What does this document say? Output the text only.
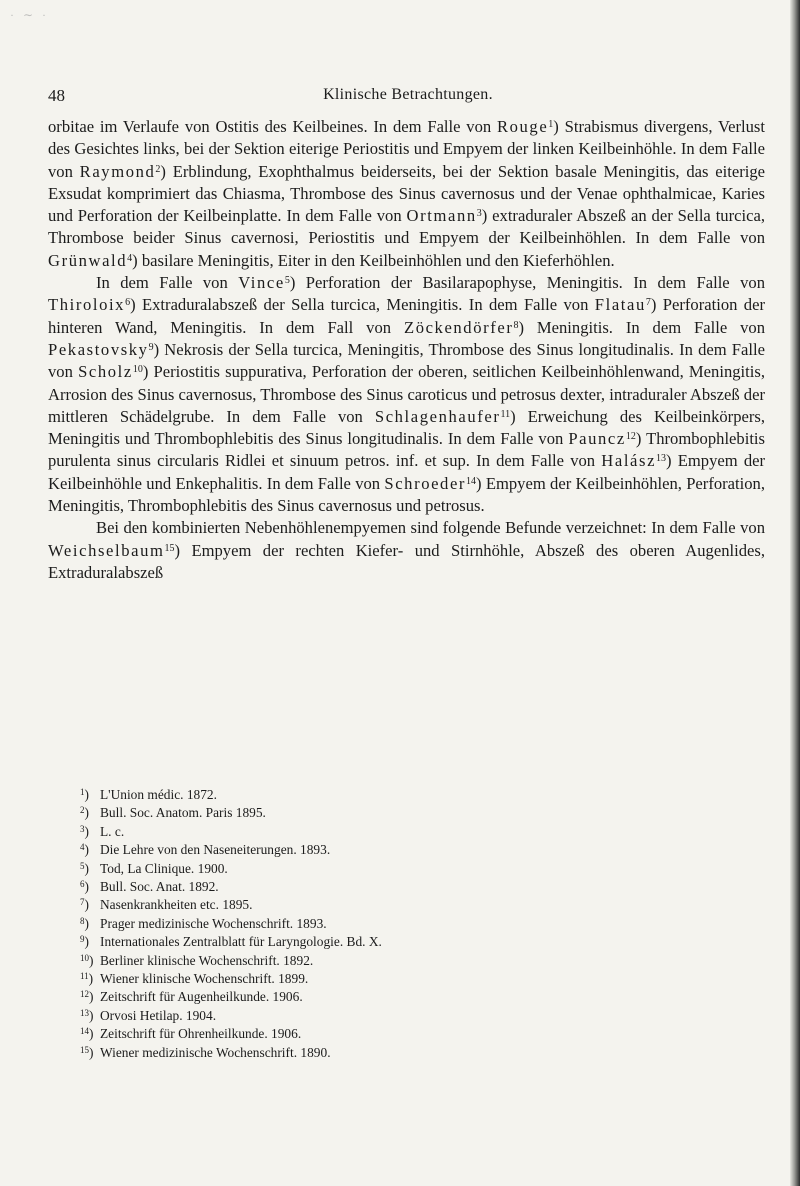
· ∼ ·
48	Klinische Betrachtungen.

orbitae im Verlaufe von Ostitis des Keilbeines. In dem Falle von Rouge$^1$) Strabismus divergens, Verlust des Gesichtes links, bei der Sektion eiterige Periostitis und Empyem der linken Keilbeinhöhle. In dem Falle von Raymond$^2$) Erblindung, Exophthalmus beiderseits, bei der Sektion basale Meningitis, das eiterige Exsudat komprimiert das Chiasma, Thrombose des Sinus cavernosus und der Venae ophthalmicae, Karies und Perforation der Keilbeinplatte. In dem Falle von Ortmann$^3$) extraduraler Abszeß an der Sella turcica, Thrombose beider Sinus cavernosi, Periostitis und Empyem der Keilbeinhöhlen. In dem Falle von Grünwald$^4$) basilare Meningitis, Eiter in den Keilbeinhöhlen und den Kieferhöhlen.

In dem Falle von Vince$^5$) Perforation der Basilarapophyse, Meningitis. In dem Falle von Thiroloix$^6$) Extraduralabszeß der Sella turcica, Meningitis. In dem Falle von Flatau$^7$) Perforation der hinteren Wand, Meningitis. In dem Fall von Zöckendörfer$^8$) Meningitis. In dem Falle von Pekastovsky$^9$) Nekrosis der Sella turcica, Meningitis, Thrombose des Sinus longitudinalis. In dem Falle von Scholz$^{10}$) Periostitis suppurativa, Perforation der oberen, seitlichen Keilbeinhöhlenwand, Meningitis, Arrosion des Sinus cavernosus, Thrombose des Sinus caroticus und petrosus dexter, intraduraler Abszeß der mittleren Schädelgrube. In dem Falle von Schlagenhaufer$^{11}$) Erweichung des Keilbeinkörpers, Meningitis und Thrombophlebitis des Sinus longitudinalis. In dem Falle von Pauncz$^{12}$) Thrombophlebitis purulenta sinus circularis Ridlei et sinuum petros. inf. et sup. In dem Falle von Halász$^{13}$) Empyem der Keilbeinhöhle und Enkephalitis. In dem Falle von Schroeder$^{14}$) Empyem der Keilbeinhöhlen, Perforation, Meningitis, Thrombophlebitis des Sinus cavernosus und petrosus.

Bei den kombinierten Nebenhöhlenempyemen sind folgende Befunde verzeichnet: In dem Falle von Weichselbaum$^{15}$) Empyem der rechten Kiefer- und Stirnhöhle, Abszeß des oberen Augenlides, Extraduralabszeß

$^1$) L'Union médic. 1872.
$^2$) Bull. Soc. Anatom. Paris 1895.
$^3$) L. c.
$^4$) Die Lehre von den Naseneiterungen. 1893.
$^5$) Tod, La Clinique. 1900.
$^6$) Bull. Soc. Anat. 1892.
$^7$) Nasenkrankheiten etc. 1895.
$^8$) Prager medizinische Wochenschrift. 1893.
$^9$) Internationales Zentralblatt für Laryngologie. Bd. X.
$^{10}$) Berliner klinische Wochenschrift. 1892.
$^{11}$) Wiener klinische Wochenschrift. 1899.
$^{12}$) Zeitschrift für Augenheilkunde. 1906.
$^{13}$) Orvosi Hetilap. 1904.
$^{14}$) Zeitschrift für Ohrenheilkunde. 1906.
$^{15}$) Wiener medizinische Wochenschrift. 1890.
